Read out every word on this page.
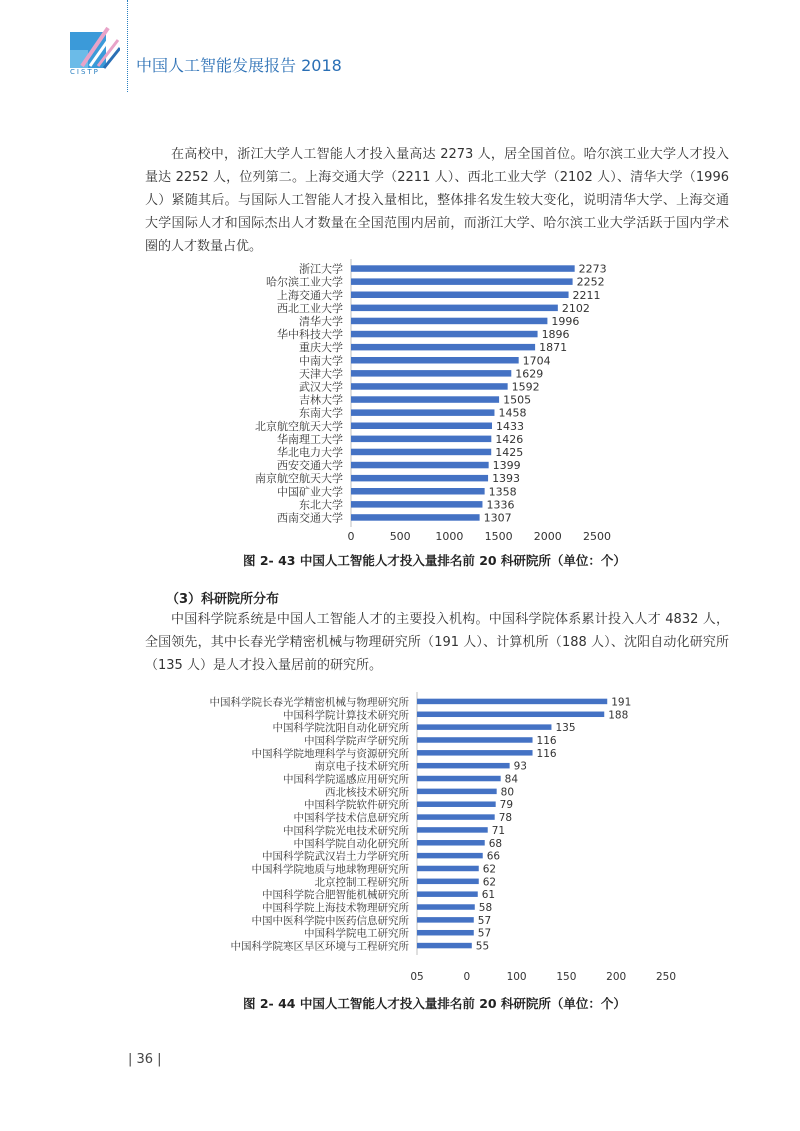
CISTP 中国人工智能发展报告 2018

在高校中，浙江大学人工智能人才投入量高达 2273 人，居全国首位。哈尔滨工业大学人才投入量达 2252 人，位列第二。上海交通大学（2211 人）、西北工业大学（2102 人）、清华大学（1996 人）紧随其后。与国际人工智能人才投入量相比，整体排名发生较大变化，说明清华大学、上海交通大学国际人才和国际杰出人才数量在全国范围内居前，而浙江大学、哈尔滨工业大学活跃于国内学术圈的人才数量占优。

浙江大学	2273
哈尔滨工业大学	2252
上海交通大学	2211
西北工业大学	2102
清华大学	1996
华中科技大学	1896
重庆大学	1871
中南大学	1704
天津大学	1629
武汉大学	1592
吉林大学	1505
东南大学	1458
北京航空航天大学	1433
华南理工大学	1426
华北电力大学	1425
西安交通大学	1399
南京航空航天大学	1393
中国矿业大学	1358
东北大学	1336
西南交通大学	1307
0	500 1000 1500 2000 2500
图 2- 43 中国人工智能人才投入量排名前 20 科研院所（单位：个）
（3）科研院所分布

中国科学院系统是中国人工智能人才的主要投入机构。中国科学院体系累计投入人才 4832 人，全国领先，其中长春光学精密机械与物理研究所（191 人）、计算机所（188 人）、沈阳自动化研究所（135 人）是人才投入量居前的研究所。

中国科学院长春光学精密机械与物理研究所	191
中国科学院计算技术研究所	188
中国科学院沈阳自动化研究所	135
中国科学院声学研究所	116
中国科学院地理科学与资源研究所	116
南京电子技术研究所	93
中国科学院遥感应用研究所	84
西北核技术研究所	80
中国科学院软件研究所	79
中国科学技术信息研究所	78
中国科学院光电技术研究所	71
中国科学院自动化研究所	68
中国科学院武汉岩土力学研究所	66
中国科学院地质与地球物理研究所	62
北京控制工程研究所	62
中国科学院合肥智能机械研究所	61
中国科学院上海技术物理研究所	58
中国中医科学院中医药信息研究所	57
中国科学院电工研究所	57
中国科学院寒区旱区环境与工程研究所	55
05	0	100	150	200	250
图 2- 44 中国人工智能人才投入量排名前 20 科研院所（单位：个）
| 36 |
